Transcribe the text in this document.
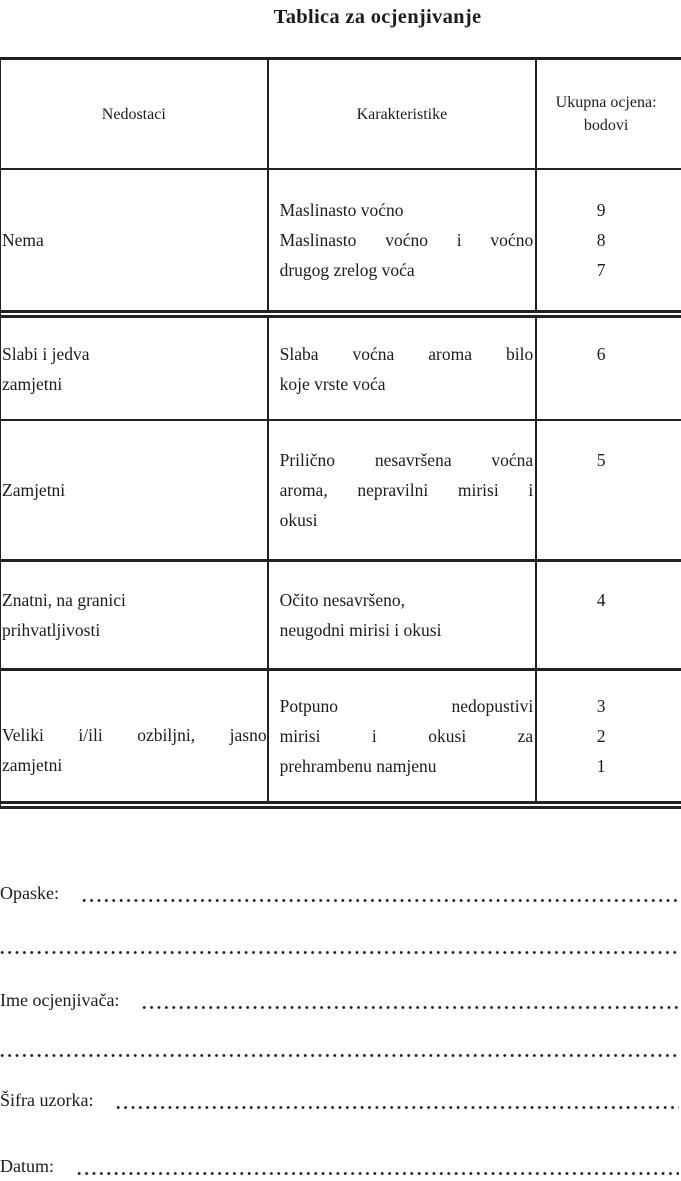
Tablica za ocjenjivanje
Nedostaci	Karakteristike
Ukupna ocjena: bodovi
Nema
Maslinasto voćno
Maslinasto voćno i voćno
drugog zrelog voća
9
8
7
Slabi i jedva
zamjetni
Slaba voćna aroma bilo
koje vrste voća
6
Zamjetni
Prilično nesavršena voćna
aroma, nepravilni mirisi i
okusi
5
Znatni, na granici
prihvatljivosti
Očito nesavršeno,
neugodni mirisi i okusi
4
Veliki i/ili ozbiljni, jasno
zamjetni
Potpuno nedopustivi
mirisi i okusi za
prehrambenu namjenu
3
2
1
Opaske:
Ime ocjenjivača:
Šifra uzorka:
Datum:
